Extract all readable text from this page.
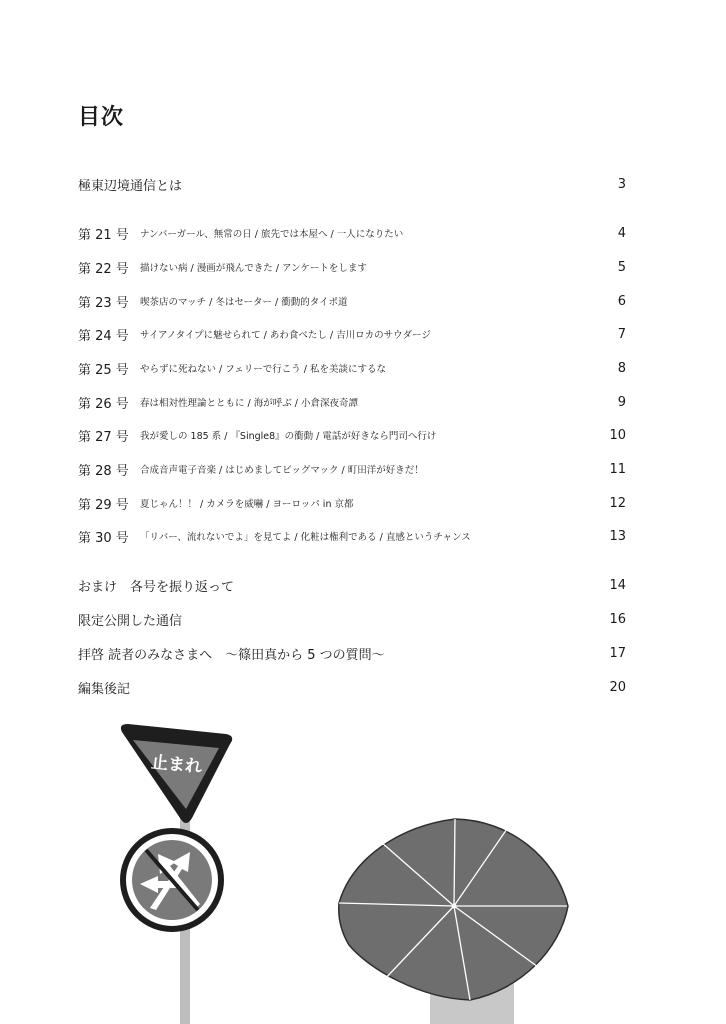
目次
極東辺境通信とは	3
第 21 号	ナンバーガール、無常の日 / 旅先では本屋へ / 一人になりたい	4
第 22 号	描けない病 / 漫画が飛んできた / アンケートをします	5
第 23 号	喫茶店のマッチ / 冬はセーター / 衝動的タイポ道	6
第 24 号	サイアノタイプに魅せられて / あわ食べたし / 吉川ロカのサウダージ	7
第 25 号	やらずに死ねない / フェリーで行こう / 私を美談にするな	8
第 26 号	春は相対性理論とともに / 海が呼ぶ / 小倉深夜奇譚	9
第 27 号	我が愛しの 185 系 / 『Single8』の衝動 / 電話が好きなら門司へ行け	10
第 28 号	合成音声電子音楽 / はじめましてビッグマック / 町田洋が好きだ！	11
第 29 号	夏じゃん！！ / カメラを威嚇 / ヨーロッパ in 京都	12
第 30 号	「リバー、流れないでよ」を見てよ / 化粧は権利である / 直感というチャンス	13
おまけ　各号を振り返って	14
限定公開した通信	16
拝啓 読者のみなさまへ　～篠田真から 5 つの質問～	17
編集後記	20
止まれ
